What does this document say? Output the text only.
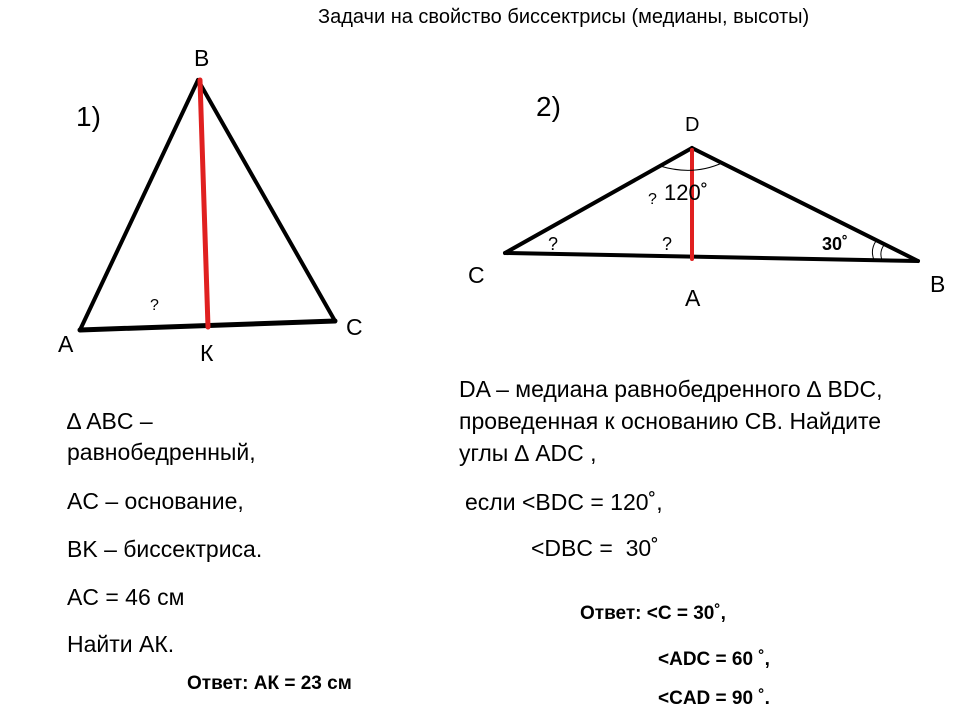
Задачи на свойство биссектрисы (медианы, высоты)
B
A
C
К
?
1)	D
C
A
B
120˚
30˚
?
?	?
2)
∆ ABC –
равнобедренный,
AC – основание,
BK – биссектриса.
AC = 46 см
Найти АК.
Ответ: АК = 23 см
DA – медиана равнобедренного ∆ BDC,
проведенная к основанию CB. Найдите
углы ∆ ADC ,
если <BDC = 120˚,
<DBC =  30˚
Ответ: <C = 30˚,
<ADC = 60 ˚,
<CAD = 90 ˚.
